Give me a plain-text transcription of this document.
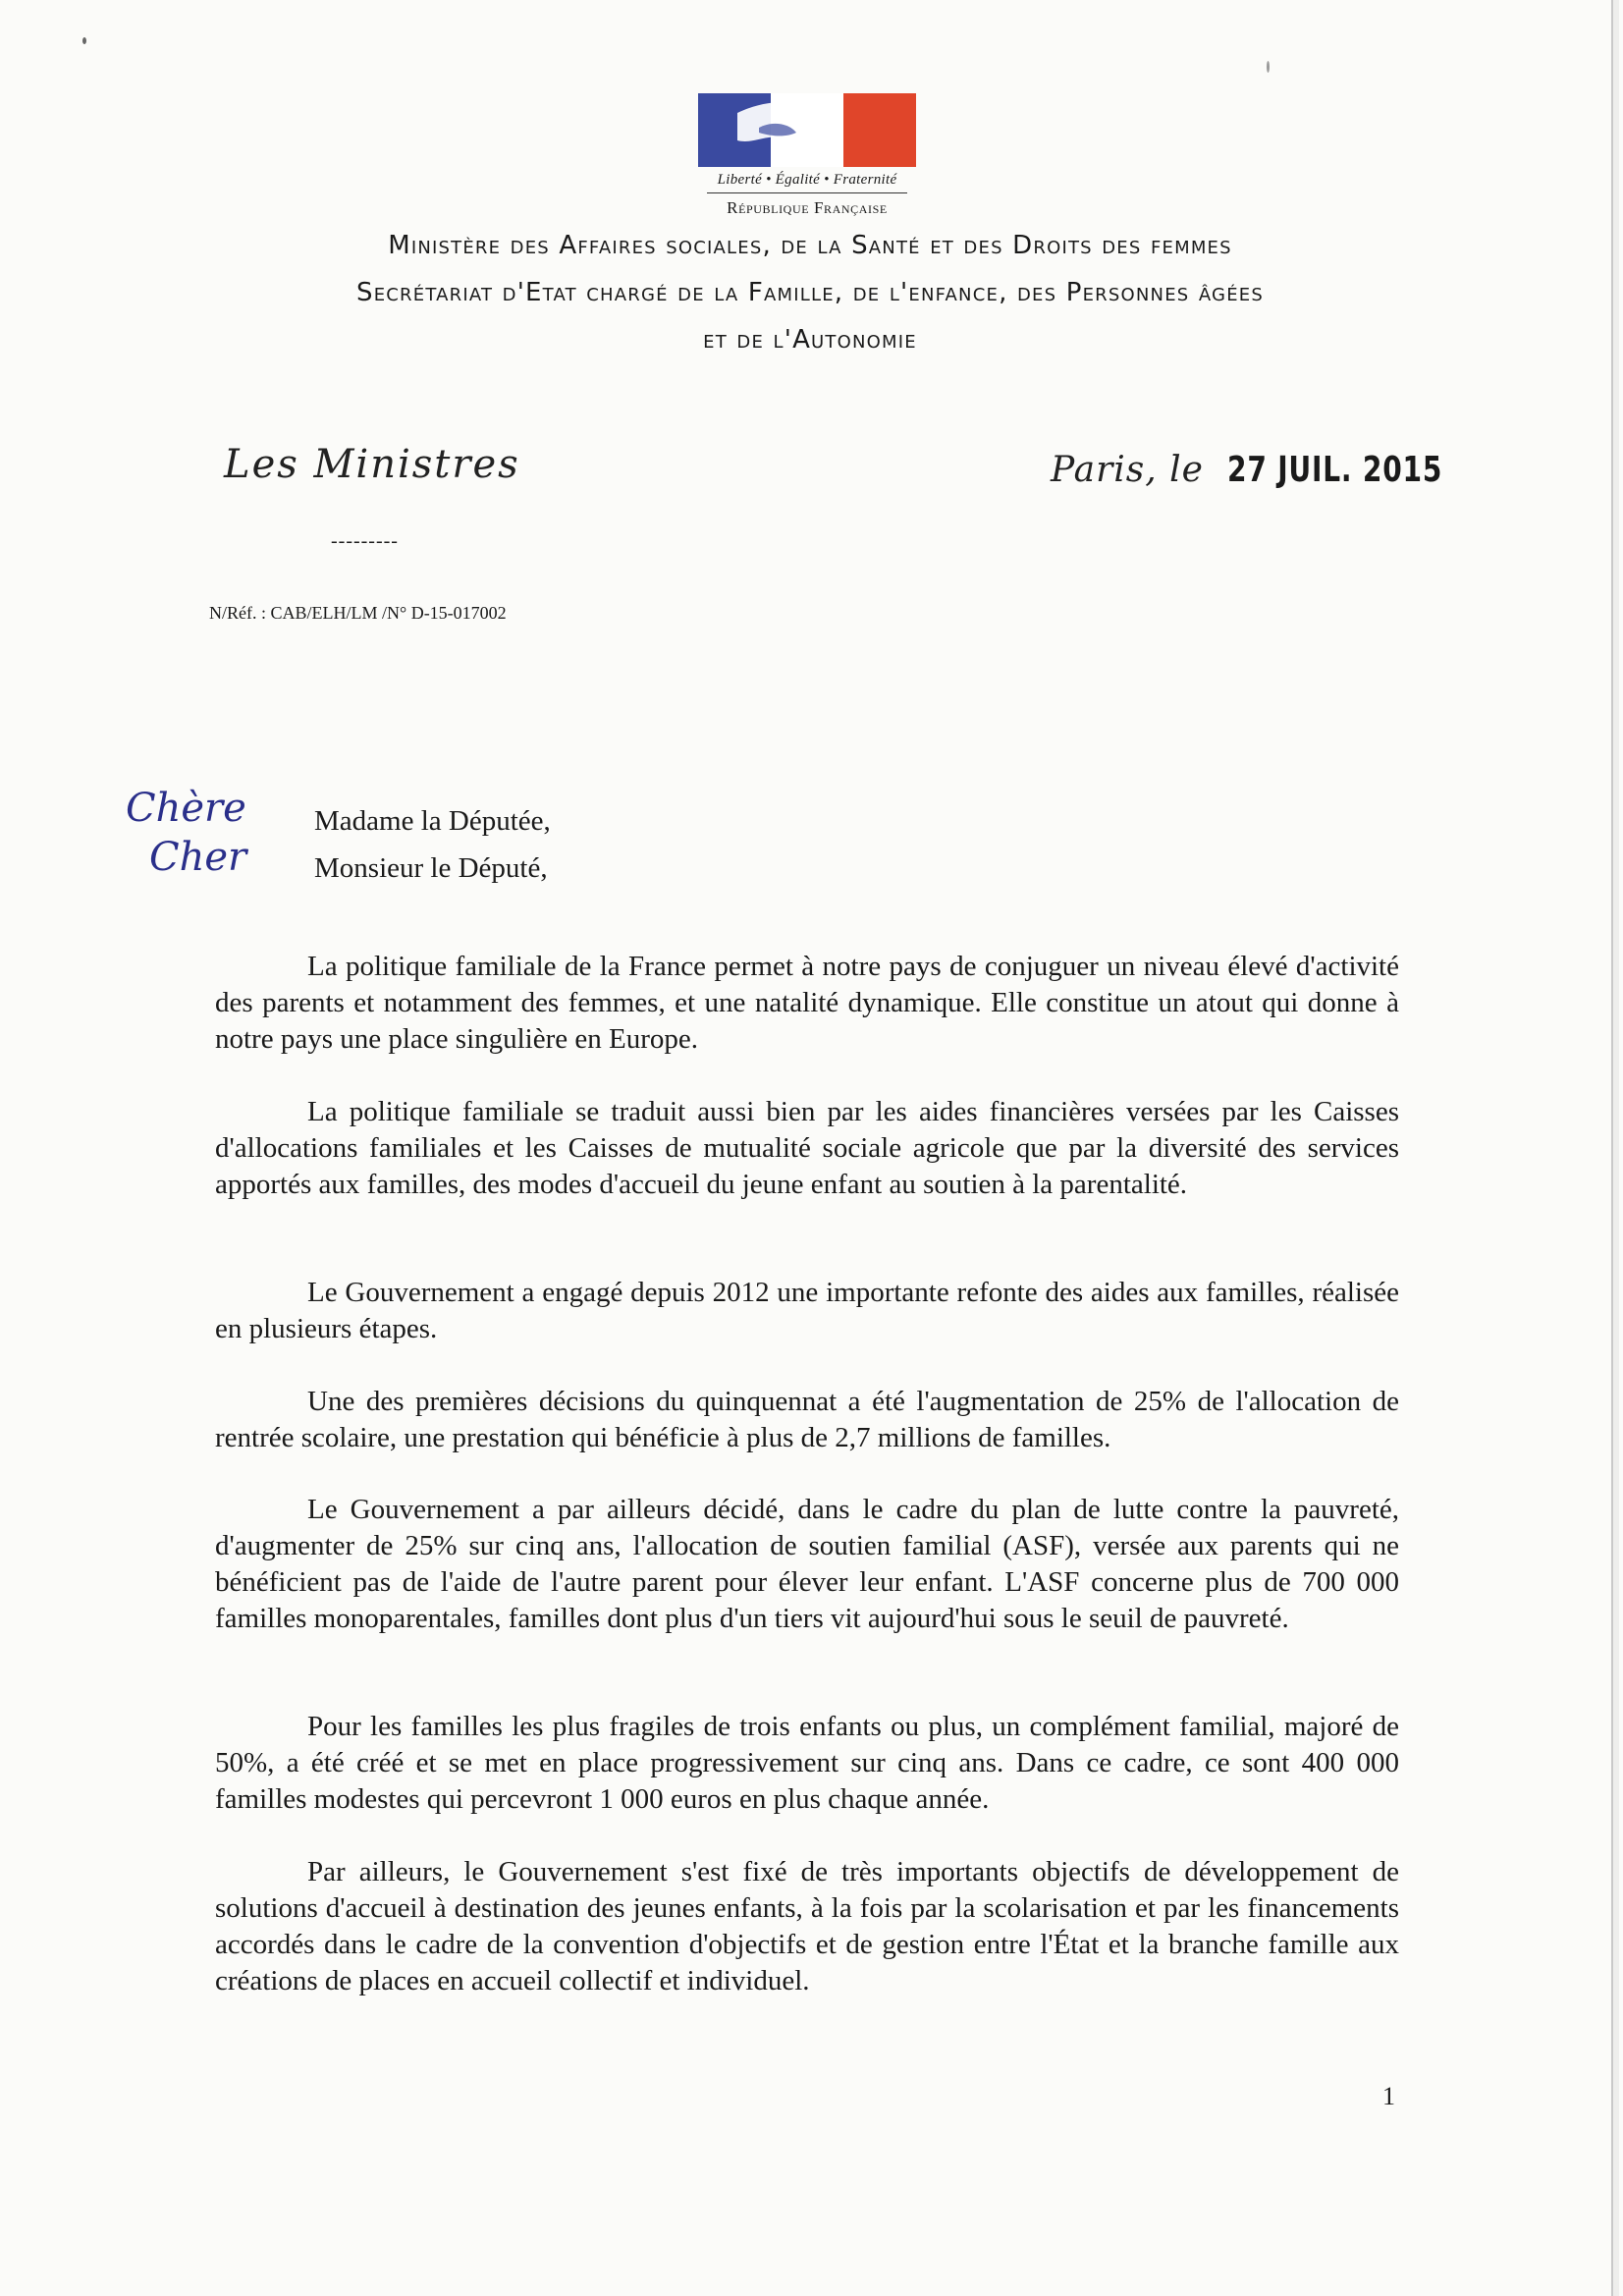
Liberté • Égalité • Fraternité
République Française
Ministère des Affaires sociales, de la Santé et des Droits des femmes
Secrétariat d'Etat chargé de la Famille, de l'enfance, des Personnes âgées
et de l'Autonomie
Les Ministres
---------
Paris, le 27 JUIL. 2015
N/Réf. : CAB/ELH/LM /N° D-15-017002
Chère
Cher
Madame la Députée,
Monsieur le Député,
La politique familiale de la France permet à notre pays de conjuguer un niveau élevé d'activité des parents et notamment des femmes, et une natalité dynamique. Elle constitue un atout qui donne à notre pays une place singulière en Europe.
La politique familiale se traduit aussi bien par les aides financières versées par les Caisses d'allocations familiales et les Caisses de mutualité sociale agricole que par la diversité des services apportés aux familles, des modes d'accueil du jeune enfant au soutien à la parentalité.
Le Gouvernement a engagé depuis 2012 une importante refonte des aides aux familles, réalisée en plusieurs étapes.
Une des premières décisions du quinquennat a été l'augmentation de 25% de l'allocation de rentrée scolaire, une prestation qui bénéficie à plus de 2,7 millions de familles.
Le Gouvernement a par ailleurs décidé, dans le cadre du plan de lutte contre la pauvreté, d'augmenter de 25% sur cinq ans, l'allocation de soutien familial (ASF), versée aux parents qui ne bénéficient pas de l'aide de l'autre parent pour élever leur enfant. L'ASF concerne plus de 700 000 familles monoparentales, familles dont plus d'un tiers vit aujourd'hui sous le seuil de pauvreté.
Pour les familles les plus fragiles de trois enfants ou plus, un complément familial, majoré de 50%, a été créé et se met en place progressivement sur cinq ans. Dans ce cadre, ce sont 400 000 familles modestes qui percevront 1 000 euros en plus chaque année.
Par ailleurs, le Gouvernement s'est fixé de très importants objectifs de développement de solutions d'accueil à destination des jeunes enfants, à la fois par la scolarisation et par les financements accordés dans le cadre de la convention d'objectifs et de gestion entre l'État et la branche famille aux créations de places en accueil collectif et individuel.
1
